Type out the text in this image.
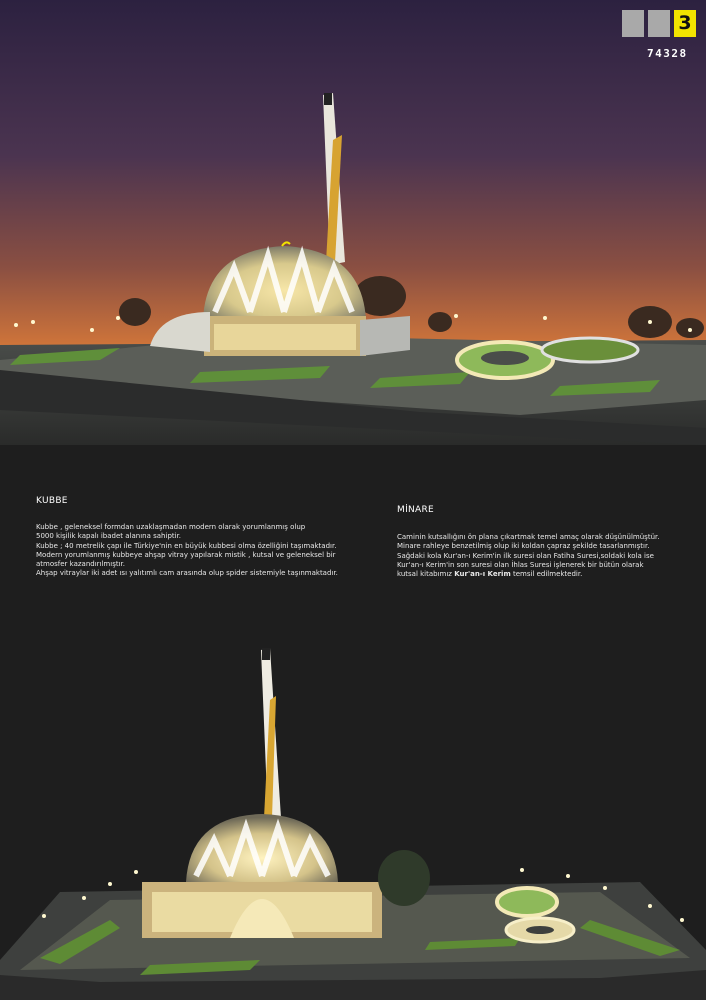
3
74328
KUBBE
Kubbe , geleneksel formdan uzaklaşmadan modern olarak yorumlanmış olup
5000 kişilik kapalı ibadet alanına sahiptir.
Kubbe ; 40 metrelik çapı ile Türkiye'nin en büyük kubbesi olma özelliğini taşımaktadır.
Modern yorumlanmış kubbeye ahşap vitray yapılarak mistik , kutsal ve geleneksel bir
atmosfer kazandırılmıştır.
Ahşap vitraylar iki adet ısı yalıtımlı cam arasında olup spider sistemiyle taşınmaktadır.
MİNARE
Caminin kutsallığını ön plana çıkartmak temel amaç olarak düşünülmüştür.
Minare rahleye benzetilmiş olup iki koldan çapraz şekilde tasarlanmıştır.
Sağdaki kola Kur'an-ı Kerim'in ilk suresi olan Fatiha Suresi,soldaki kola ise
Kur'an-ı Kerim'in son suresi olan İhlas Suresi işlenerek bir bütün olarak
kutsal kitabımız Kur'an-ı Kerim temsil edilmektedir.
